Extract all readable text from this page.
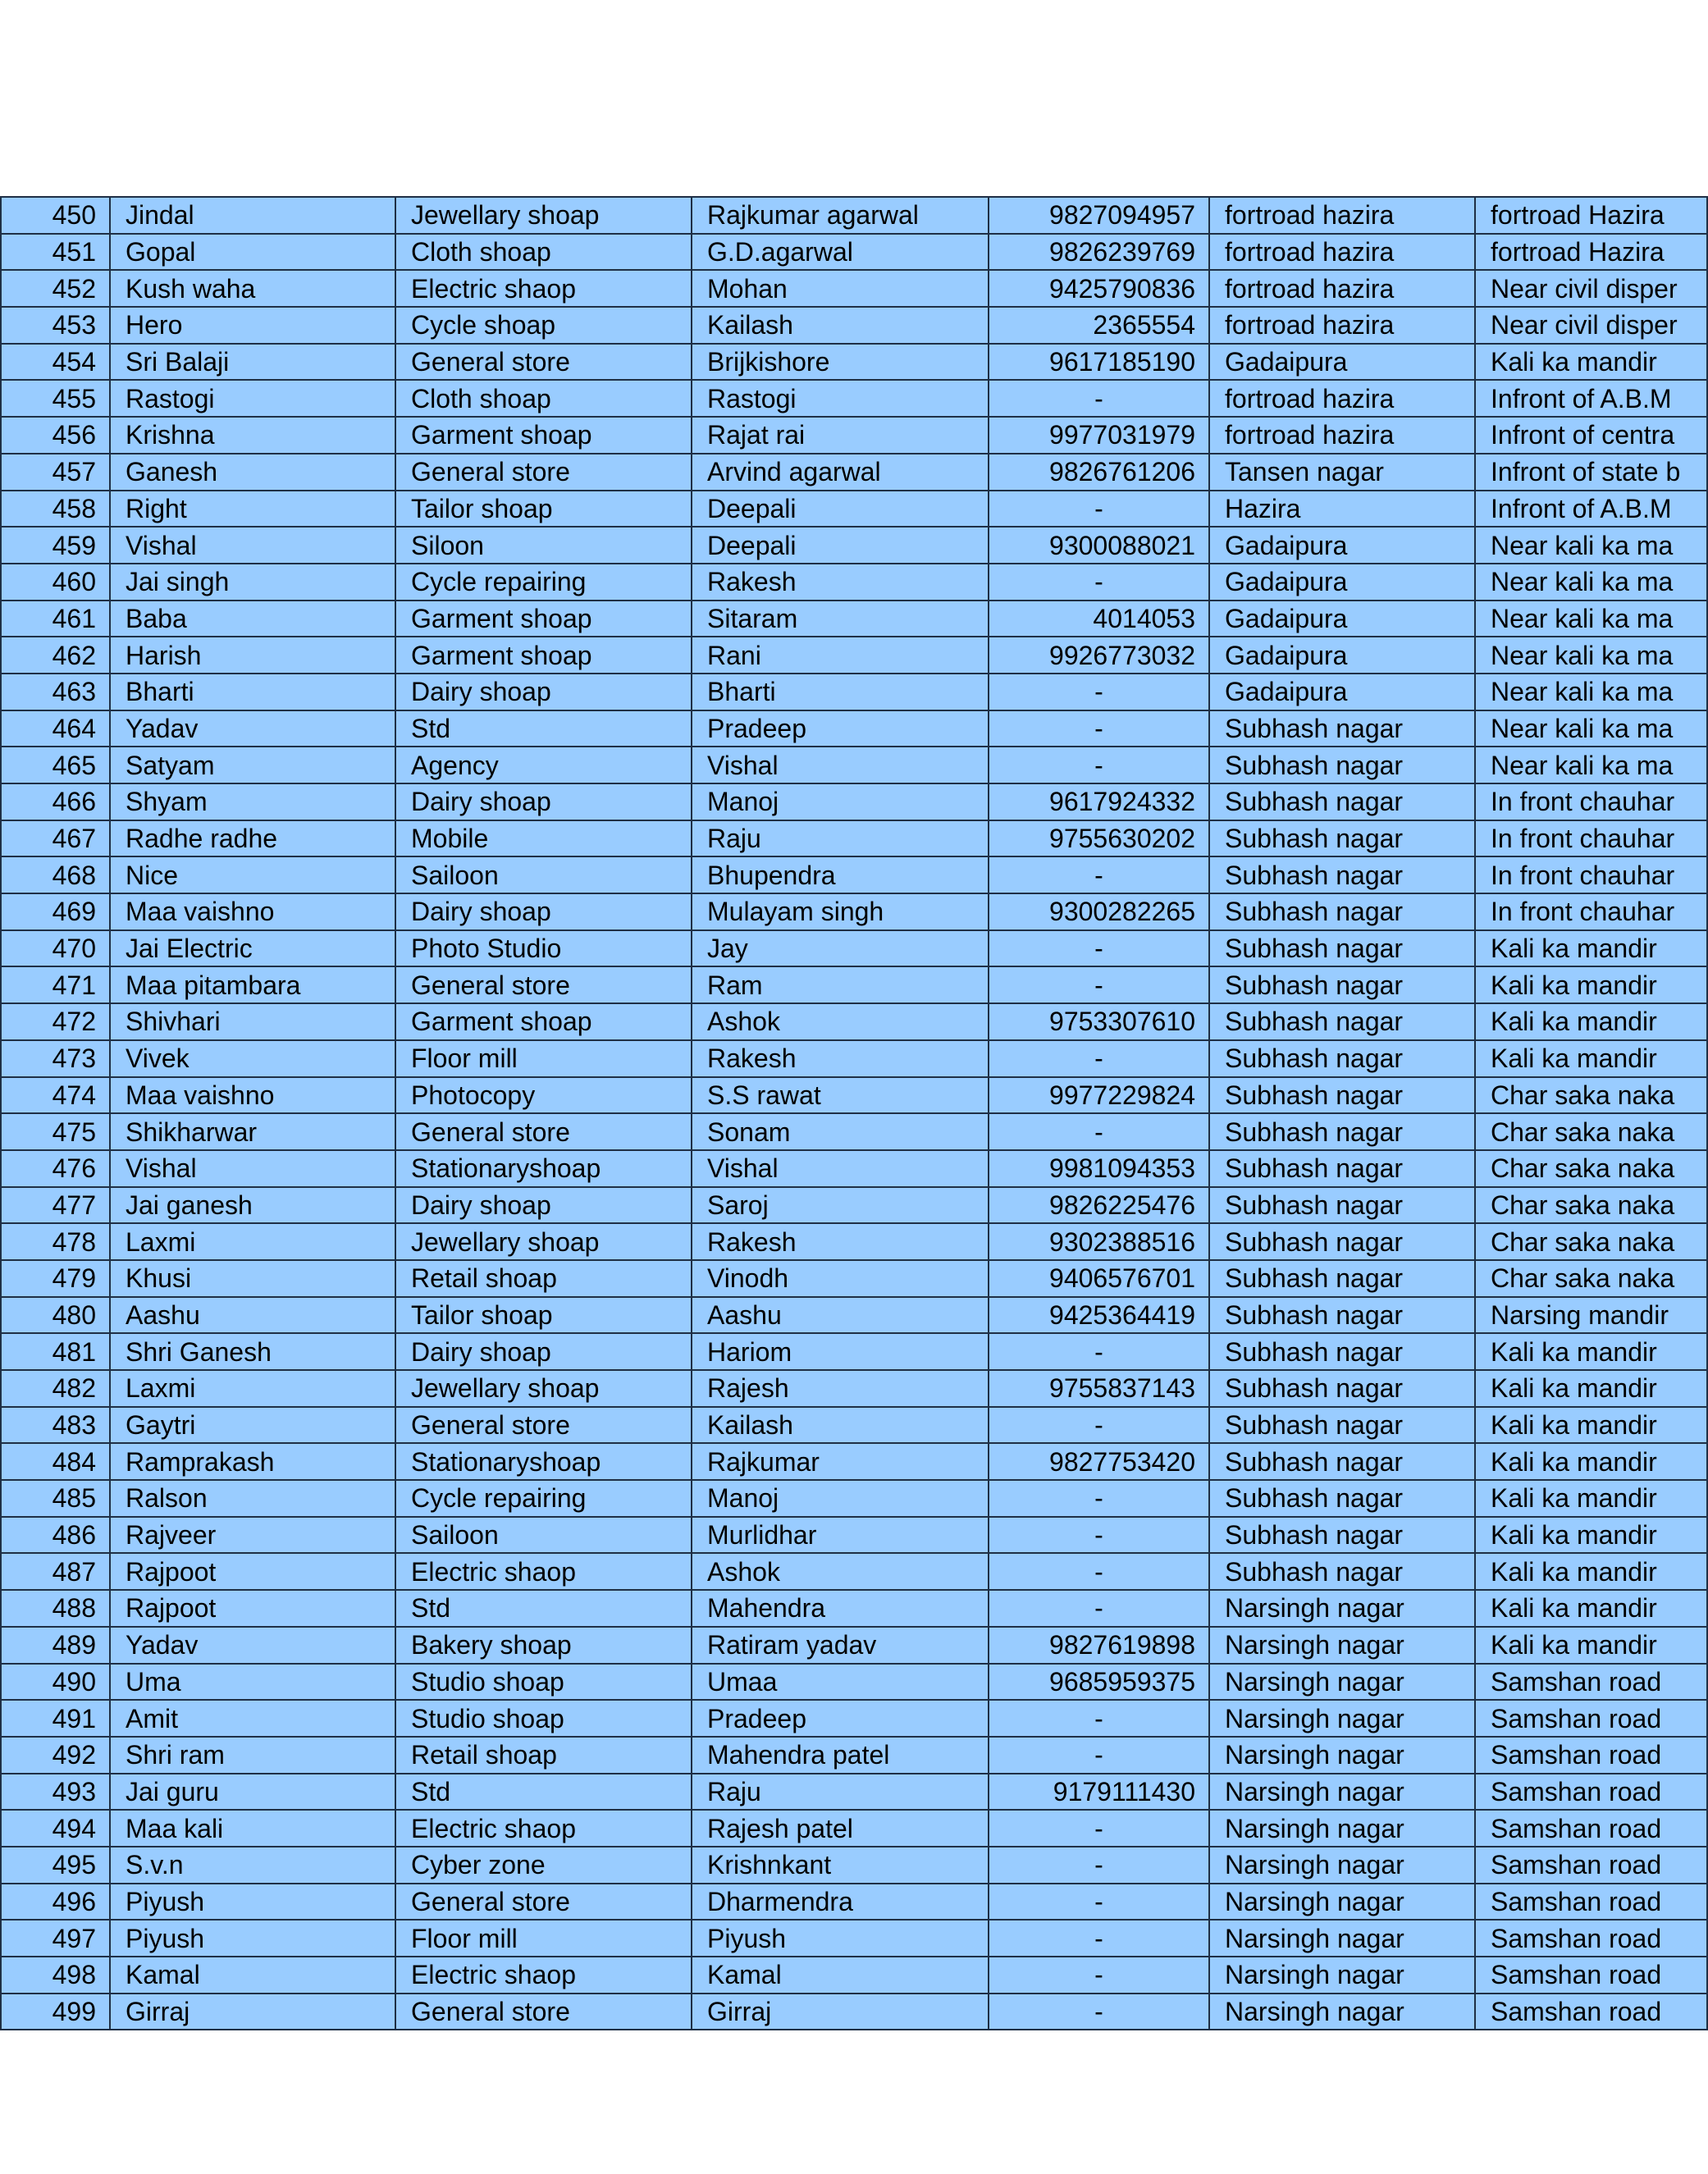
450	Jindal	Jewellary shoap	Rajkumar agarwal	9827094957	fortroad hazira	fortroad Hazira
451	Gopal	Cloth shoap	G.D.agarwal	9826239769	fortroad hazira	fortroad Hazira
452	Kush waha	Electric shaop	Mohan	9425790836	fortroad hazira	Near civil disper
453	Hero	Cycle shoap	Kailash	2365554	fortroad hazira	Near civil disper
454	Sri Balaji	General store	Brijkishore	9617185190	Gadaipura	Kali ka mandir
455	Rastogi	Cloth shoap	Rastogi	-	fortroad hazira	Infront of A.B.M
456	Krishna	Garment shoap	Rajat rai	9977031979	fortroad hazira	Infront of centra
457	Ganesh	General store	Arvind agarwal	9826761206	Tansen nagar	Infront of state b
458	Right	Tailor shoap	Deepali	-	Hazira	Infront of A.B.M
459	Vishal	Siloon	Deepali	9300088021	Gadaipura	Near kali ka ma
460	Jai singh	Cycle repairing	Rakesh	-	Gadaipura	Near kali ka ma
461	Baba	Garment shoap	Sitaram	4014053	Gadaipura	Near kali ka ma
462	Harish	Garment shoap	Rani	9926773032	Gadaipura	Near kali ka ma
463	Bharti	Dairy shoap	Bharti	-	Gadaipura	Near kali ka ma
464	Yadav	Std	Pradeep	-	Subhash nagar	Near kali ka ma
465	Satyam	Agency	Vishal	-	Subhash nagar	Near kali ka ma
466	Shyam	Dairy shoap	Manoj	9617924332	Subhash nagar	In front chauhar
467	Radhe radhe	Mobile	Raju	9755630202	Subhash nagar	In front chauhar
468	Nice	Sailoon	Bhupendra	-	Subhash nagar	In front chauhar
469	Maa vaishno	Dairy shoap	Mulayam singh	9300282265	Subhash nagar	In front chauhar
470	Jai Electric	Photo Studio	Jay	-	Subhash nagar	Kali ka mandir
471	Maa pitambara	General store	Ram	-	Subhash nagar	Kali ka mandir
472	Shivhari	Garment shoap	Ashok	9753307610	Subhash nagar	Kali ka mandir
473	Vivek	Floor mill	Rakesh	-	Subhash nagar	Kali ka mandir
474	Maa vaishno	Photocopy	S.S rawat	9977229824	Subhash nagar	Char saka naka
475	Shikharwar	General store	Sonam	-	Subhash nagar	Char saka naka
476	Vishal	Stationaryshoap	Vishal	9981094353	Subhash nagar	Char saka naka
477	Jai ganesh	Dairy shoap	Saroj	9826225476	Subhash nagar	Char saka naka
478	Laxmi	Jewellary shoap	Rakesh	9302388516	Subhash nagar	Char saka naka
479	Khusi	Retail shoap	Vinodh	9406576701	Subhash nagar	Char saka naka
480	Aashu	Tailor shoap	Aashu	9425364419	Subhash nagar	Narsing mandir
481	Shri Ganesh	Dairy shoap	Hariom	-	Subhash nagar	Kali ka mandir
482	Laxmi	Jewellary shoap	Rajesh	9755837143	Subhash nagar	Kali ka mandir
483	Gaytri	General store	Kailash	-	Subhash nagar	Kali ka mandir
484	Ramprakash	Stationaryshoap	Rajkumar	9827753420	Subhash nagar	Kali ka mandir
485	Ralson	Cycle repairing	Manoj	-	Subhash nagar	Kali ka mandir
486	Rajveer	Sailoon	Murlidhar	-	Subhash nagar	Kali ka mandir
487	Rajpoot	Electric shaop	Ashok	-	Subhash nagar	Kali ka mandir
488	Rajpoot	Std	Mahendra	-	Narsingh nagar	Kali ka mandir
489	Yadav	Bakery shoap	Ratiram yadav	9827619898	Narsingh nagar	Kali ka mandir
490	Uma	Studio shoap	Umaa	9685959375	Narsingh nagar	Samshan road
491	Amit	Studio shoap	Pradeep	-	Narsingh nagar	Samshan road
492	Shri ram	Retail shoap	Mahendra patel	-	Narsingh nagar	Samshan road
493	Jai guru	Std	Raju	9179111430	Narsingh nagar	Samshan road
494	Maa kali	Electric shaop	Rajesh patel	-	Narsingh nagar	Samshan road
495	S.v.n	Cyber zone	Krishnkant	-	Narsingh nagar	Samshan road
496	Piyush	General store	Dharmendra	-	Narsingh nagar	Samshan road
497	Piyush	Floor mill	Piyush	-	Narsingh nagar	Samshan road
498	Kamal	Electric shaop	Kamal	-	Narsingh nagar	Samshan road
499	Girraj	General store	Girraj	-	Narsingh nagar	Samshan road
